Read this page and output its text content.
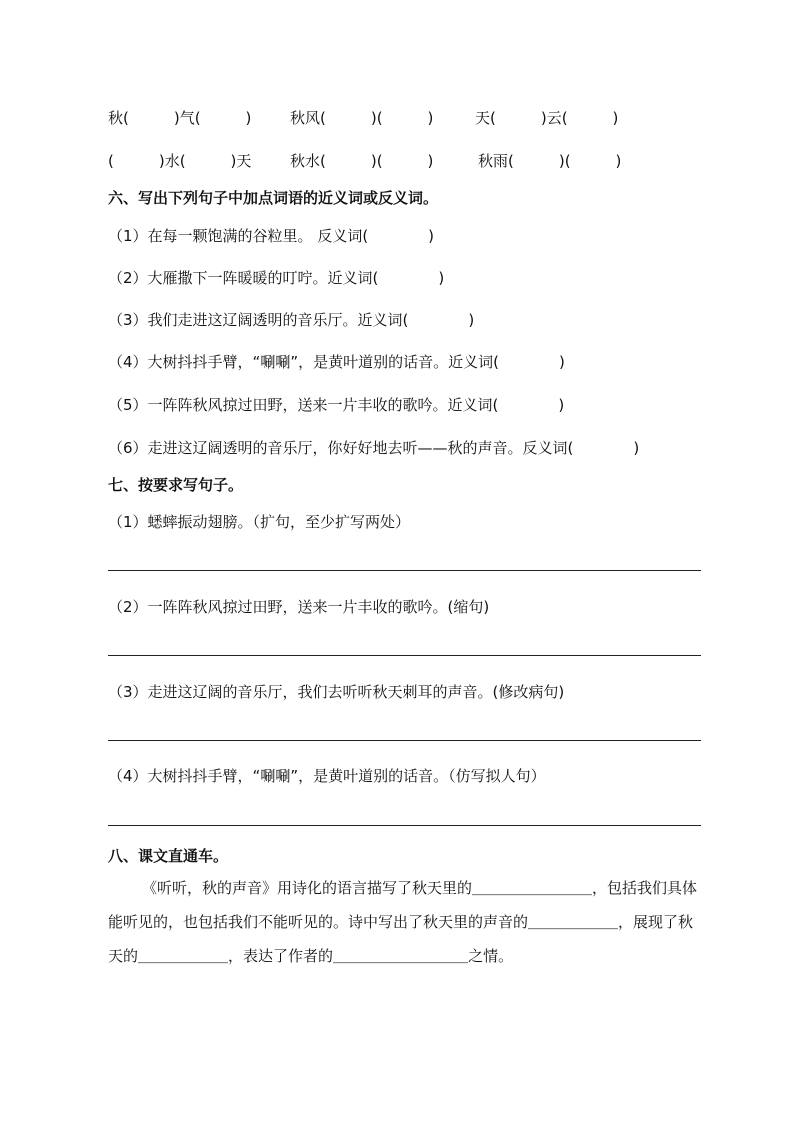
秋(　　　)气(　　　)	秋风(　　　)(　　　)	天(　　　)云(　　　)
(　　　)水(　　　)天	秋水(　　　)(　　　)	秋雨(　　　)(　　　)
六、写出下列句子中加点词语的近义词或反义词。
（1）在每一颗饱满的谷粒里。 反义词(　　　　)
（2）大雁撒下一阵暖暖的叮咛。近义词(　　　　)
（3）我们走进这辽阔透明的音乐厅。近义词(　　　　)
（4）大树抖抖手臂，“唰唰”，是黄叶道别的话音。近义词(　　　　)
（5）一阵阵秋风掠过田野，送来一片丰收的歌吟。近义词(　　　　)
（6）走进这辽阔透明的音乐厅，你好好地去听——秋的声音。反义词(　　　　)
七、按要求写句子。
（1）蟋蟀振动翅膀。（扩句，至少扩写两处）
（2）一阵阵秋风掠过田野，送来一片丰收的歌吟。(缩句)
（3）走进这辽阔的音乐厅，我们去听听秋天刺耳的声音。(修改病句)
（4）大树抖抖手臂，“唰唰”，是黄叶道别的话音。（仿写拟人句）
八、课文直通车。
《听听，秋的声音》用诗化的语言描写了秋天里的＿＿＿＿＿＿＿＿，包括我们具体能听见的，也包括我们不能听见的。诗中写出了秋天里的声音的＿＿＿＿＿＿，展现了秋天的＿＿＿＿＿＿，表达了作者的＿＿＿＿＿＿＿＿＿之情。
